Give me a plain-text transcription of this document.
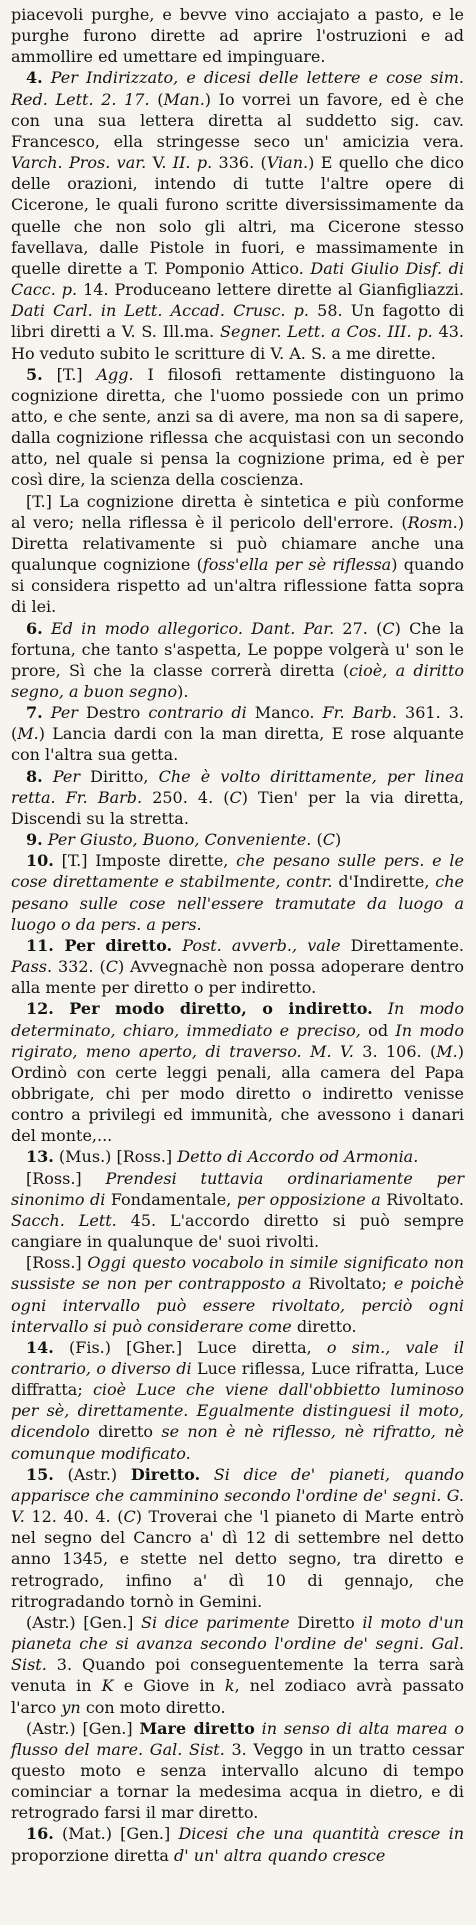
piacevoli purghe, e bevve vino acciajato a pasto, e le purghe furono dirette ad aprire l'ostruzioni e ad ammollire ed umettare ed impinguare.

4. Per Indirizzato, e dicesi delle lettere e cose sim. Red. Lett. 2. 17. (Man.) Io vorrei un favore, ed è che con una sua lettera diretta al suddetto sig. cav. Francesco, ella stringesse seco un' amicizia vera. Varch. Pros. var. V. II. p. 336. (Vian.) E quello che dico delle orazioni, intendo di tutte l'altre opere di Cicerone, le quali furono scritte diversissimamente da quelle che non solo gli altri, ma Cicerone stesso favellava, dalle Pistole in fuori, e massimamente in quelle dirette a T. Pomponio Attico. Dati Giulio Disf. di Cacc. p. 14. Produceano lettere dirette al Gianfigliazzi. Dati Carl. in Lett. Accad. Crusc. p. 58. Un fagotto di libri diretti a V. S. Ill.ma. Segner. Lett. a Cos. III. p. 43. Ho veduto subito le scritture di V. A. S. a me dirette.

5. [T.] Agg. I filosofi rettamente distinguono la cognizione diretta, che l'uomo possiede con un primo atto, e che sente, anzi sa di avere, ma non sa di sapere, dalla cognizione riflessa che acquistasi con un secondo atto, nel quale si pensa la cognizione prima, ed è per così dire, la scienza della coscienza.

[T.] La cognizione diretta è sintetica e più conforme al vero; nella riflessa è il pericolo dell'errore. (Rosm.) Diretta relativamente si può chiamare anche una qualunque cognizione (foss'ella per sè riflessa) quando si considera rispetto ad un'altra riflessione fatta sopra di lei.

6. Ed in modo allegorico. Dant. Par. 27. (C) Che la fortuna, che tanto s'aspetta, Le poppe volgerà u' son le prore, Sì che la classe correrà diretta (cioè, a diritto segno, a buon segno).

7. Per Destro contrario di Manco. Fr. Barb. 361. 3. (M.) Lancia dardi con la man diretta, E rose alquante con l'altra sua getta.

8. Per Diritto, Che è volto dirittamente, per linea retta. Fr. Barb. 250. 4. (C) Tien' per la via diretta, Discendi su la stretta.

9. Per Giusto, Buono, Conveniente. (C)

10. [T.] Imposte dirette, che pesano sulle pers. e le cose direttamente e stabilmente, contr. d'Indirette, che pesano sulle cose nell'essere tramutate da luogo a luogo o da pers. a pers.

11. Per diretto. Post. avverb., vale Direttamente. Pass. 332. (C) Avvegnachè non possa adoperare dentro alla mente per diretto o per indiretto.

12. Per modo diretto, o indiretto. In modo determinato, chiaro, immediato e preciso, od In modo rigirato, meno aperto, di traverso. M. V. 3. 106. (M.) Ordinò con certe leggi penali, alla camera del Papa obbrigate, chi per modo diretto o indiretto venisse contro a privilegi ed immunità, che avessono i danari del monte,...

13. (Mus.) [Ross.] Detto di Accordo od Armonia.

[Ross.] Prendesi tuttavia ordinariamente per sinonimo di Fondamentale, per opposizione a Rivoltato. Sacch. Lett. 45. L'accordo diretto si può sempre cangiare in qualunque de' suoi rivolti.

[Ross.] Oggi questo vocabolo in simile significato non sussiste se non per contrapposto a Rivoltato; e poichè ogni intervallo può essere rivoltato, perciò ogni intervallo si può considerare come diretto.

14. (Fis.) [Gher.] Luce diretta, o sim., vale il contrario, o diverso di Luce riflessa, Luce rifratta, Luce diffratta; cioè Luce che viene dall'obbietto luminoso per sè, direttamente. Egualmente distinguesi il moto, dicendolo diretto se non è nè riflesso, nè rifratto, nè comunque modificato.

15. (Astr.) Diretto. Si dice de' pianeti, quando apparisce che camminino secondo l'ordine de' segni. G. V. 12. 40. 4. (C) Troverai che 'l pianeto di Marte entrò nel segno del Cancro a' dì 12 di settembre nel detto anno 1345, e stette nel detto segno, tra diretto e retrogrado, infino a' dì 10 di gennajo, che ritrogradando tornò in Gemini.

(Astr.) [Gen.] Si dice parimente Diretto il moto d'un pianeta che si avanza secondo l'ordine de' segni. Gal. Sist. 3. Quando poi conseguentemente la terra sarà venuta in K e Giove in k, nel zodiaco avrà passato l'arco yn con moto diretto.

(Astr.) [Gen.] Mare diretto in senso di alta marea o flusso del mare. Gal. Sist. 3. Veggo in un tratto cessar questo moto e senza intervallo alcuno di tempo cominciar a tornar la medesima acqua in dietro, e di retrogrado farsi il mar diretto.

16. (Mat.) [Gen.] Dicesi che una quantità cresce in proporzione diretta d' un' altra quando cresce
